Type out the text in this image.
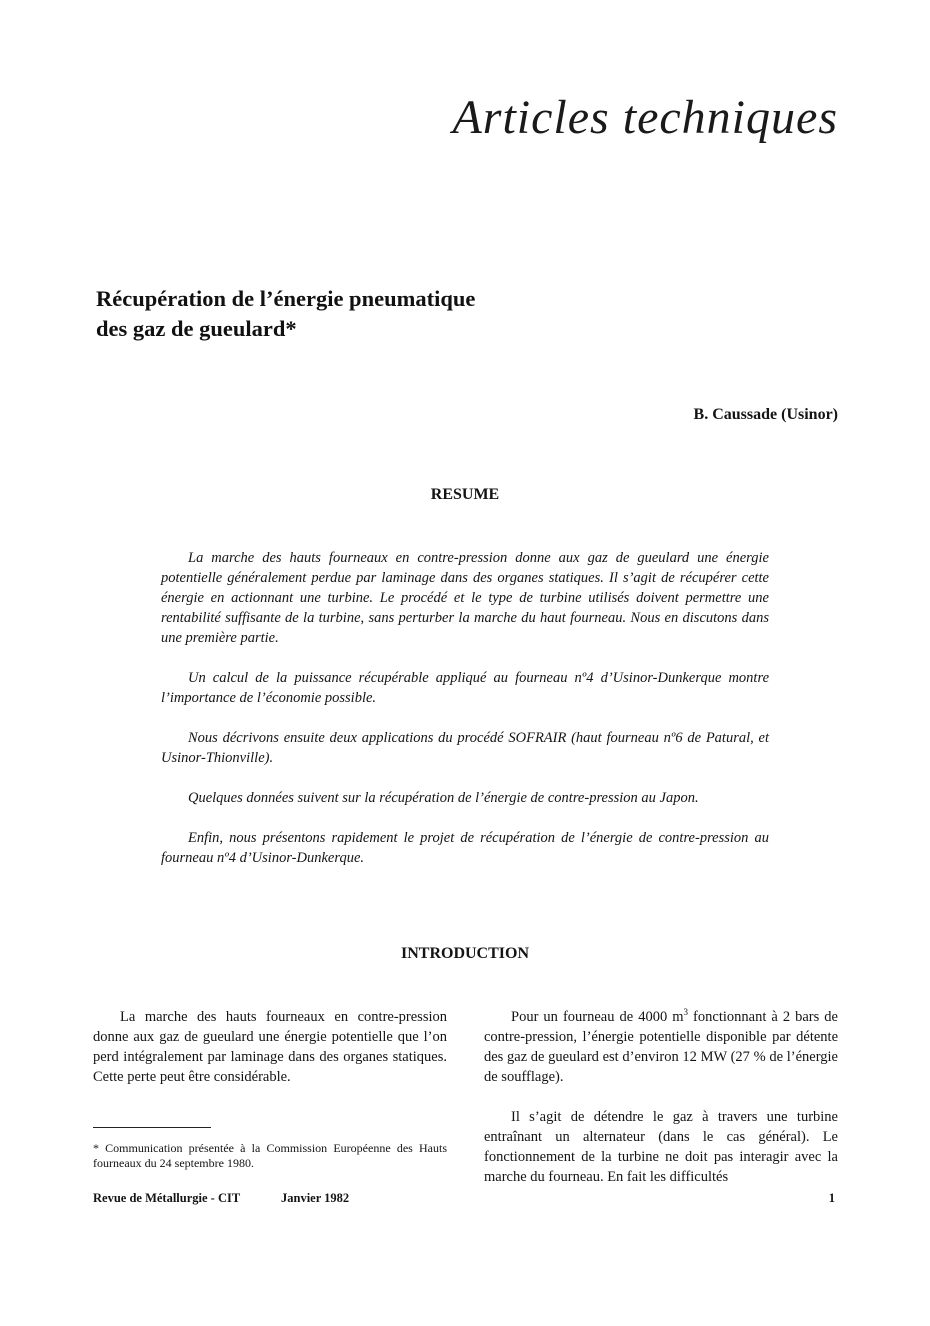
Articles techniques
Récupération de l’énergie pneumatique
des gaz de gueulard*
B. Caussade (Usinor)
RESUME

La marche des hauts fourneaux en contre-pression donne aux gaz de gueulard une énergie potentielle généralement perdue par laminage dans des organes statiques. Il s’agit de récupérer cette énergie en actionnant une turbine. Le procédé et le type de turbine utilisés doivent permettre une rentabilité suffisante de la turbine, sans perturber la marche du haut fourneau. Nous en discutons dans une première partie.

Un calcul de la puissance récupérable appliqué au fourneau nº4 d’Usinor-Dunkerque montre l’importance de l’économie possible.

Nous décrivons ensuite deux applications du procédé SOFRAIR (haut fourneau nº6 de Patural, et Usinor-Thionville).

Quelques données suivent sur la récupération de l’énergie de contre-pression au Japon.

Enfin, nous présentons rapidement le projet de récupération de l’énergie de contre-pression au fourneau nº4 d’Usinor-Dunkerque.

INTRODUCTION

La marche des hauts fourneaux en contre-pression donne aux gaz de gueulard une énergie potentielle que l’on perd intégralement par laminage dans des organes statiques. Cette perte peut être considérable.

Pour un fourneau de 4000 $m^3$ fonctionnant à 2 bars de contre-pression, l’énergie potentielle disponible par détente des gaz de gueulard est d’environ 12 MW (27 % de l’énergie de soufflage).

Il s’agit de détendre le gaz à travers une turbine entraînant un alternateur (dans le cas général). Le fonctionnement de la turbine ne doit pas interagir avec la marche du fourneau. En fait les difficultés

* Communication présentée à la Commission Européenne des Hauts fourneaux du 24 septembre 1980.
Revue de Métallurgie - CIT	Janvier 1982	1
